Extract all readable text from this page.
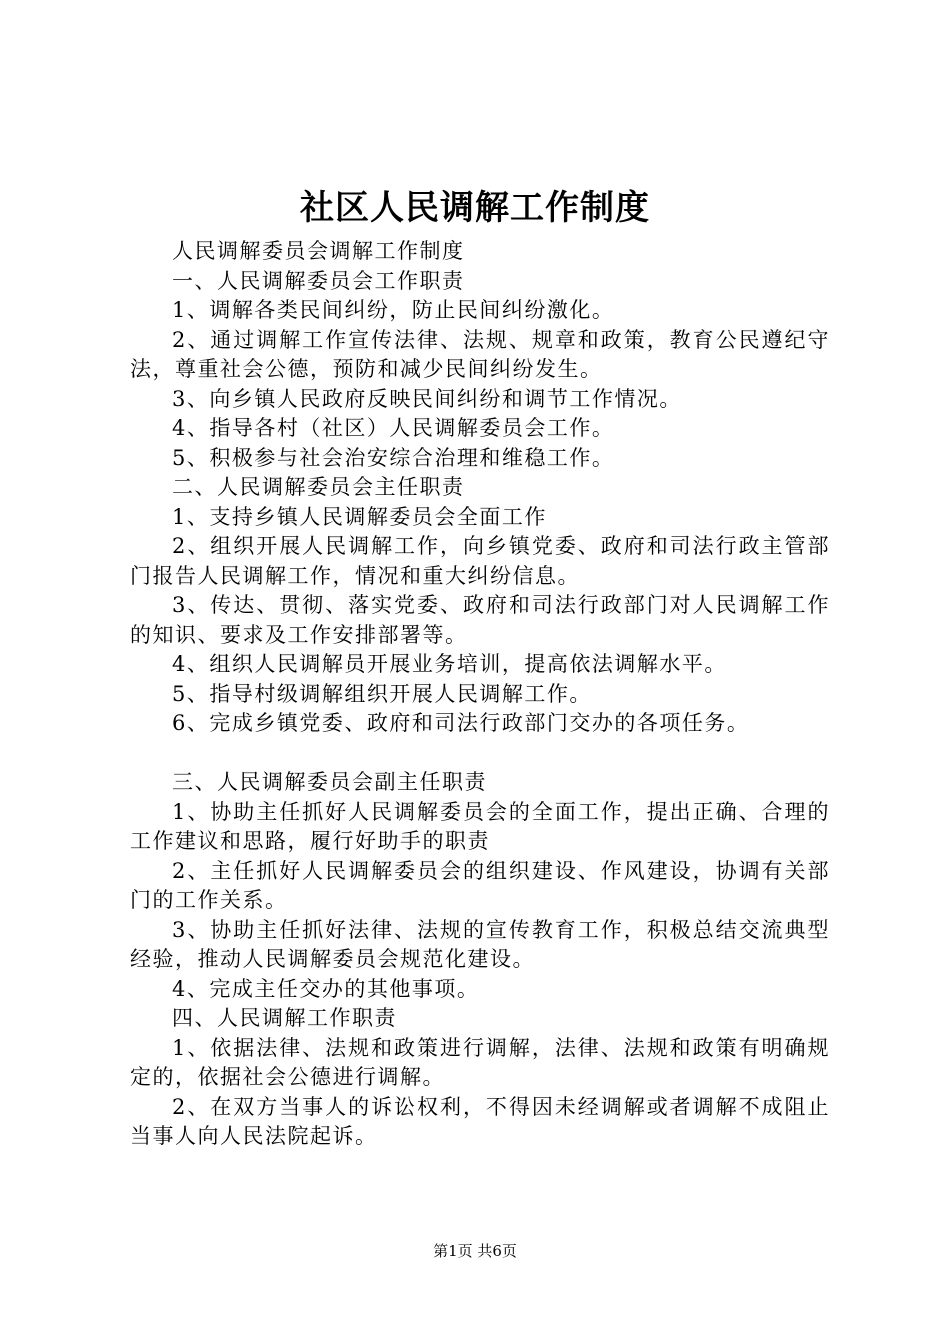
社区人民调解工作制度

人民调解委员会调解工作制度

一、人民调解委员会工作职责

1、调解各类民间纠纷，防止民间纠纷激化。

2、通过调解工作宣传法律、法规、规章和政策，教育公民遵纪守法，尊重社会公德，预防和减少民间纠纷发生。

3、向乡镇人民政府反映民间纠纷和调节工作情况。

4、指导各村（社区）人民调解委员会工作。

5、积极参与社会治安综合治理和维稳工作。

二、人民调解委员会主任职责

1、支持乡镇人民调解委员会全面工作

2、组织开展人民调解工作，向乡镇党委、政府和司法行政主管部门报告人民调解工作，情况和重大纠纷信息。

3、传达、贯彻、落实党委、政府和司法行政部门对人民调解工作的知识、要求及工作安排部署等。

4、组织人民调解员开展业务培训，提高依法调解水平。

5、指导村级调解组织开展人民调解工作。

6、完成乡镇党委、政府和司法行政部门交办的各项任务。

三、人民调解委员会副主任职责

1、协助主任抓好人民调解委员会的全面工作，提出正确、合理的工作建议和思路，履行好助手的职责

2、主任抓好人民调解委员会的组织建设、作风建设，协调有关部门的工作关系。

3、协助主任抓好法律、法规的宣传教育工作，积极总结交流典型经验，推动人民调解委员会规范化建设。

4、完成主任交办的其他事项。

四、人民调解工作职责

1、依据法律、法规和政策进行调解，法律、法规和政策有明确规定的，依据社会公德进行调解。

2、在双方当事人的诉讼权利，不得因未经调解或者调解不成阻止当事人向人民法院起诉。

第1页 共6页
